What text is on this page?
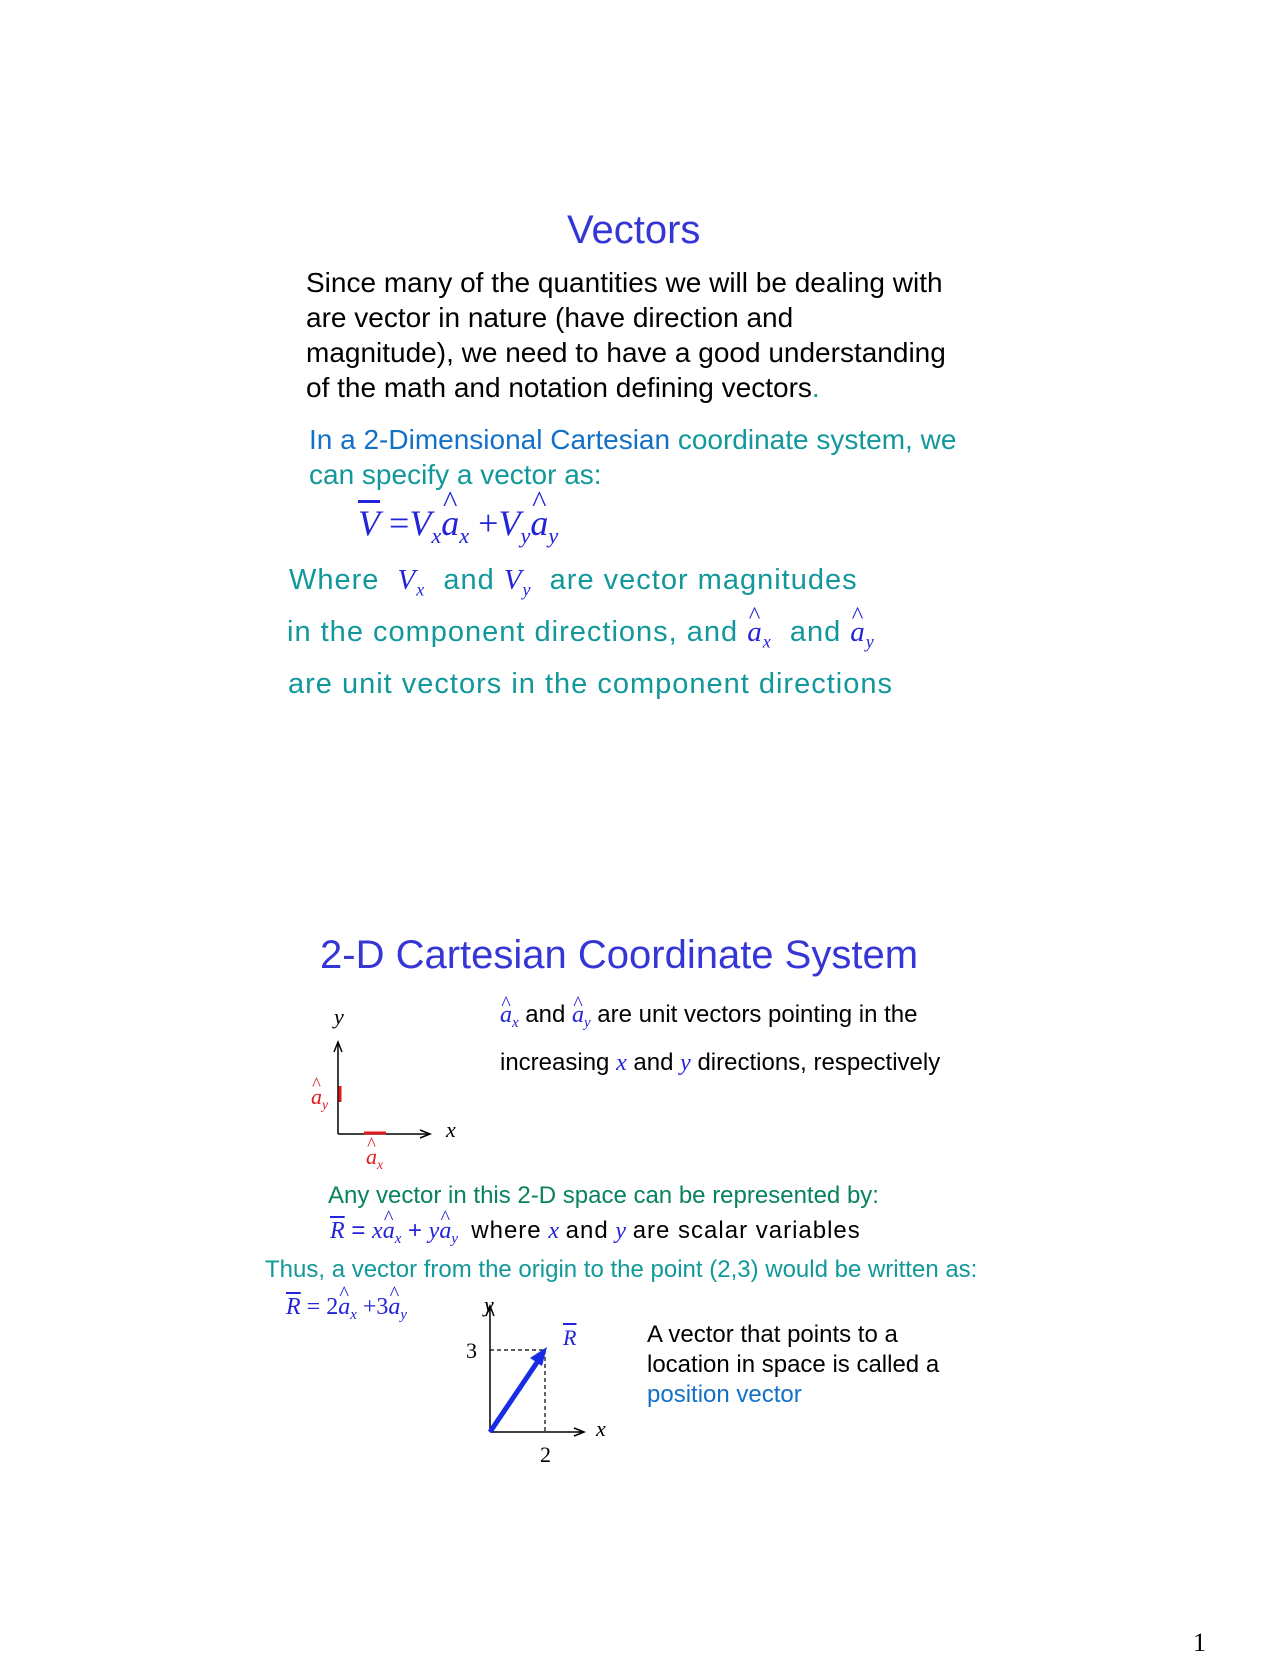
Vectors
Since many of the quantities we will be dealing with
are vector in nature (have direction and
magnitude), we need to have a good understanding
of the math and notation defining vectors.
In a 2-Dimensional Cartesian coordinate system, we
can specify a vector as:
$\overline{V}$ $=V_x\^{}$ $a_x$ $+V_y\^{}$ $a_y$
Where $V_x$ and $V_y$ are vector magnitudes
in the component directions, and ^ $a_x$ and ^ $a_y$
are unit vectors in the component directions
2-D Cartesian Coordinate System
y
x
^ $a_y$
^ $a_x$
^ $a_x$ and ^ $a_y$ are unit vectors pointing in the
increasing x and y directions, respectively
Any vector in this 2-D space can be represented by:
$\overline{R}$ = x^ $a_x$ + y^ $a_y$ where x and y are scalar variables
Thus, a vector from the origin to the point (2,3) would be written as:
$\overline{R}$ = 2^ $a_x$ +3^ $a_y$	y
x
$\overline{R}$
3
2
A vector that points to a
location in space is called a
position vector
1
